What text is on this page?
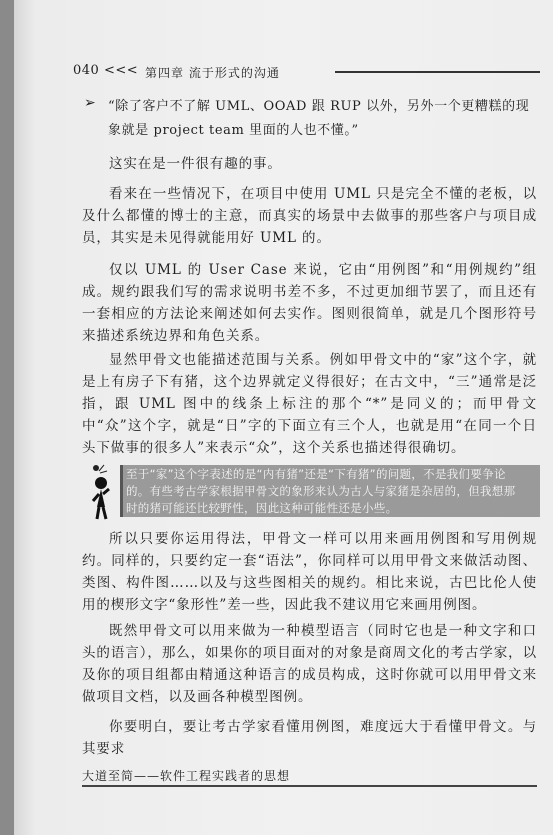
040 <<< 第四章 流于形式的沟通
➢ “除了客户不了解 UML、OOAD 跟 RUP 以外，另外一个更糟糕的现象就是 project team 里面的人也不懂。”

这实在是一件很有趣的事。

看来在一些情况下，在项目中使用 UML 只是完全不懂的老板，以及什么都懂的博士的主意，而真实的场景中去做事的那些客户与项目成员，其实是未见得就能用好 UML 的。

仅以 UML 的 User Case 来说，它由“用例图”和“用例规约”组成。规约跟我们写的需求说明书差不多，不过更加细节罢了，而且还有一套相应的方法论来阐述如何去实作。图则很简单，就是几个图形符号来描述系统边界和角色关系。

显然甲骨文也能描述范围与关系。例如甲骨文中的“家”这个字，就是上有房子下有猪，这个边界就定义得很好；在古文中，“三”通常是泛指，跟 UML 图中的线条上标注的那个“*”是同义的；而甲骨文中“众”这个字，就是“日”字的下面立有三个人，也就是用“在同一个日头下做事的很多人”来表示“众”，这个关系也描述得很确切。

至于“家”这个字表述的是“内有猪”还是“下有猪”的问题，不是我们要争论的。有些考古学家根据甲骨文的象形来认为古人与家猪是杂居的，但我想那时的猪可能还比较野性，因此这种可能性还是小些。

所以只要你运用得法，甲骨文一样可以用来画用例图和写用例规约。同样的，只要约定一套“语法”，你同样可以用甲骨文来做活动图、类图、构件图……以及与这些图相关的规约。相比来说，古巴比伦人使用的楔形文字“象形性”差一些，因此我不建议用它来画用例图。

既然甲骨文可以用来做为一种模型语言（同时它也是一种文字和口头的语言），那么，如果你的项目面对的对象是商周文化的考古学家，以及你的项目组都由精通这种语言的成员构成，这时你就可以用甲骨文来做项目文档，以及画各种模型图例。

你要明白，要让考古学家看懂用例图，难度远大于看懂甲骨文。与其要求

大道至简——软件工程实践者的思想
